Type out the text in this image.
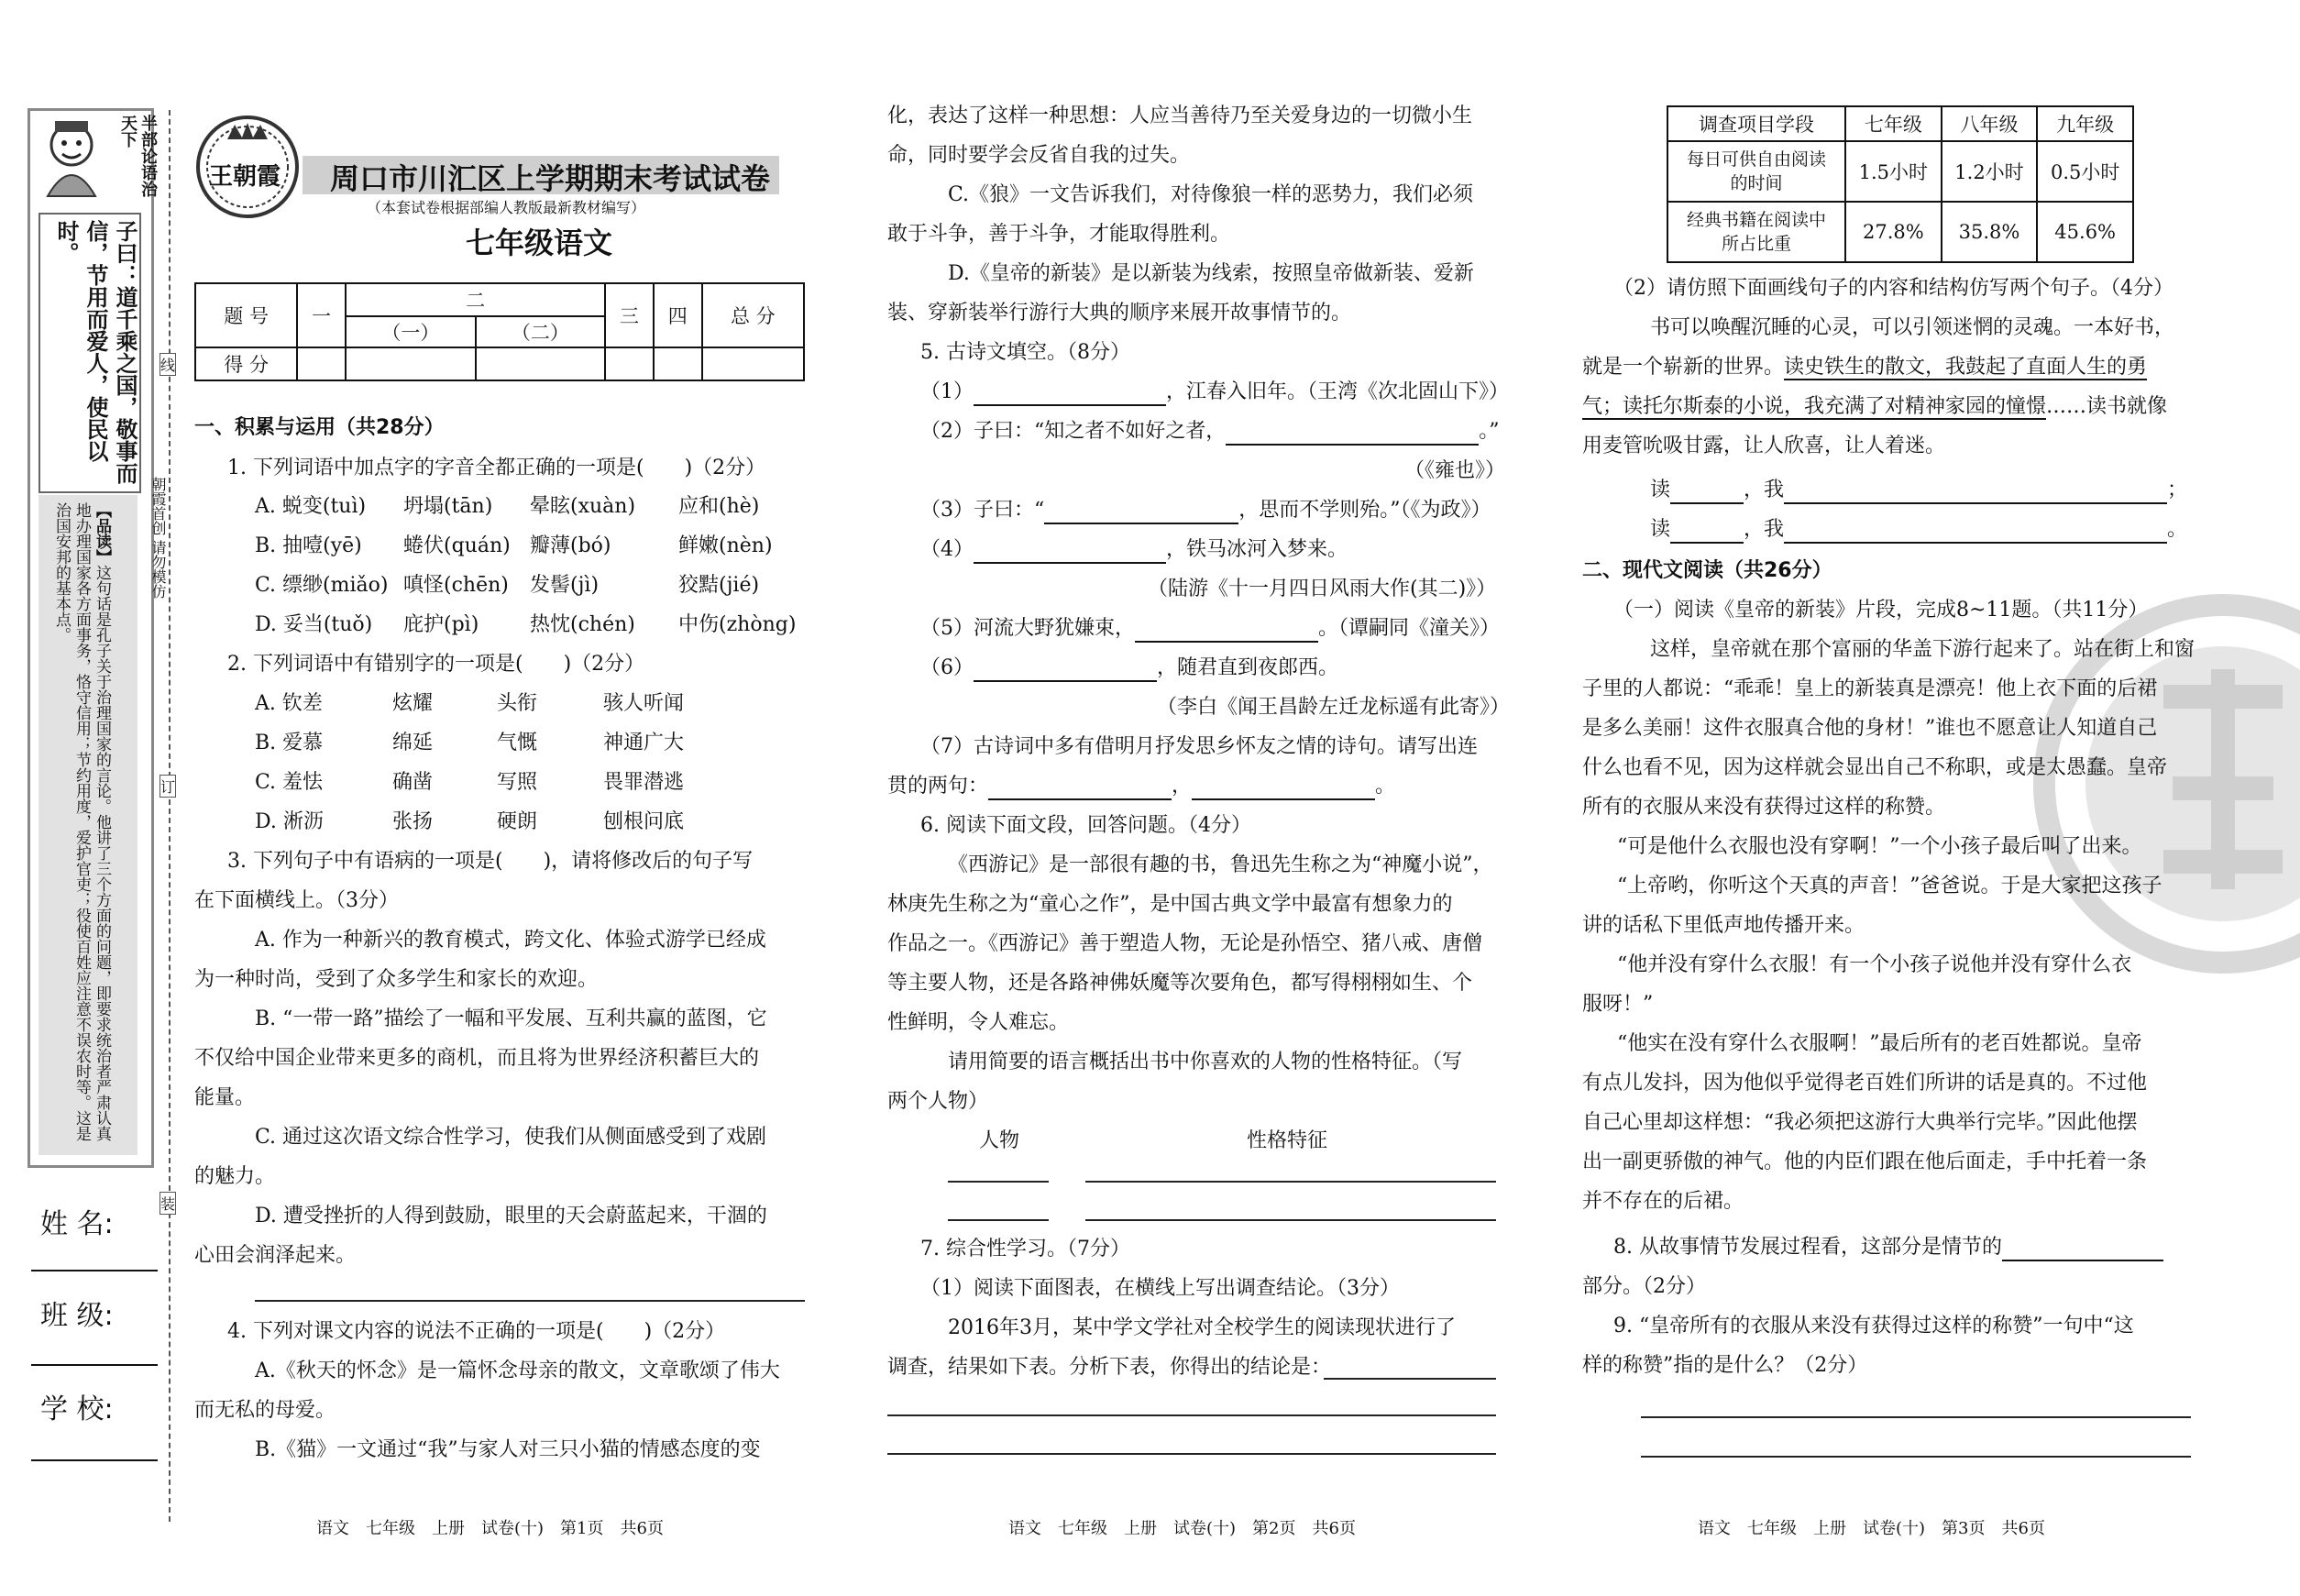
半部论语治天下
子曰：道千乘之国，敬事而信，节用而爱人，使民以时。
【品读】这句话是孔子关于治理国家的言论。他讲了三个方面的问题，即要求统治者严肃认真地办理国家各方面事务，恪守信用；节约用度，爱护官吏；役使百姓应注意不误农时等。这是治国安邦的基本点。	朝霞首创 请勿模仿
线
订
装
姓 名:
班 级:
学 校:
王朝霞 周口市川汇区上学期期末考试试卷
（本套试卷根据部编人教版最新教材编写）
七年级语文
题 号	一	二		三	四	总 分
		（一）	（二）			
得 分						
一、积累与运用（共28分）
1. 下列词语中加点字的字音全都正确的一项是(　　)（2分）
A. 蜕变(tuì) 坍塌(tān) 晕眩(xuàn) 应和(hè)
B. 抽噎(yē) 蜷伏(quán) 瓣薄(bó)	鲜嫩(nèn)
C. 缥缈(miǎo) 嗔怪(chēn) 发髻(jì)	狡黠(jié)
D. 妥当(tuǒ) 庇护(pì)	热忱(chén) 中伤(zhòng)
2. 下列词语中有错别字的一项是(　　)（2分）
A. 钦差	炫耀	头衔	骇人听闻
B. 爱慕	绵延	气慨	神通广大
C. 羞怯	确凿	写照	畏罪潜逃
D. 淅沥	张扬	硬朗	刨根问底
3. 下列句子中有语病的一项是(　　)，请将修改后的句子写
在下面横线上。（3分）
A. 作为一种新兴的教育模式，跨文化、体验式游学已经成
为一种时尚，受到了众多学生和家长的欢迎。
B. “一带一路”描绘了一幅和平发展、互利共赢的蓝图，它
不仅给中国企业带来更多的商机，而且将为世界经济积蓄巨大的
能量。
C. 通过这次语文综合性学习，使我们从侧面感受到了戏剧
的魅力。
D. 遭受挫折的人得到鼓励，眼里的天会蔚蓝起来，干涸的
心田会润泽起来。
4. 下列对课文内容的说法不正确的一项是(　　)（2分）
A.《秋天的怀念》是一篇怀念母亲的散文，文章歌颂了伟大
而无私的母爱。
B.《猫》一文通过“我”与家人对三只小猫的情感态度的变
化，表达了这样一种思想：人应当善待乃至关爱身边的一切微小生
命，同时要学会反省自我的过失。
C.《狼》一文告诉我们，对待像狼一样的恶势力，我们必须
敢于斗争，善于斗争，才能取得胜利。
D.《皇帝的新装》是以新装为线索，按照皇帝做新装、爱新
装、穿新装举行游行大典的顺序来展开故事情节的。
5. 古诗文填空。（8分）
（1）	，江春入旧年。（王湾《次北固山下》）
（2）子曰：“知之者不如好之者，	。”
（《雍也》）
（3）子曰：“	，思而不学则殆。”（《为政》）
（4）	，铁马冰河入梦来。
（陆游《十一月四日风雨大作(其二)》）
（5）河流大野犹嫌束，	。（谭嗣同《潼关》）
（6）	，随君直到夜郎西。
（李白《闻王昌龄左迁龙标遥有此寄》）
（7）古诗词中多有借明月抒发思乡怀友之情的诗句。请写出连
贯的两句：	，	。
6. 阅读下面文段，回答问题。（4分）
《西游记》是一部很有趣的书，鲁迅先生称之为“神魔小说”，
林庚先生称之为“童心之作”，是中国古典文学中最富有想象力的
作品之一。《西游记》善于塑造人物，无论是孙悟空、猪八戒、唐僧
等主要人物，还是各路神佛妖魔等次要角色，都写得栩栩如生、个
性鲜明，令人难忘。
请用简要的语言概括出书中你喜欢的人物的性格特征。（写
两个人物）
人物	性格特征
7. 综合性学习。（7分）
（1）阅读下面图表，在横线上写出调查结论。（3分）
2016年3月，某中学文学社对全校学生的阅读现状进行了
调查，结果如下表。分析下表，你得出的结论是：
调查项目学段	七年级	八年级	九年级
每日可供自由阅读的时间	1.5小时	1.2小时	0.5小时
经典书籍在阅读中所占比重	27.8%	35.8%	45.6%
（2）请仿照下面画线句子的内容和结构仿写两个句子。（4分）
书可以唤醒沉睡的心灵，可以引领迷惘的灵魂。一本好书，
就是一个崭新的世界。读史铁生的散文，我鼓起了直面人生的勇
气；读托尔斯泰的小说，我充满了对精神家园的憧憬……读书就像
用麦管吮吸甘露，让人欣喜，让人着迷。
读	，我	；
读	，我	。
二、现代文阅读（共26分）
（一）阅读《皇帝的新装》片段，完成8~11题。（共11分）
这样，皇帝就在那个富丽的华盖下游行起来了。站在街上和窗
子里的人都说：“乖乖！皇上的新装真是漂亮！他上衣下面的后裙
是多么美丽！这件衣服真合他的身材！”谁也不愿意让人知道自己
什么也看不见，因为这样就会显出自己不称职，或是太愚蠢。皇帝
所有的衣服从来没有获得过这样的称赞。
“可是他什么衣服也没有穿啊！”一个小孩子最后叫了出来。
“上帝哟，你听这个天真的声音！”爸爸说。于是大家把这孩子
讲的话私下里低声地传播开来。
“他并没有穿什么衣服！有一个小孩子说他并没有穿什么衣
服呀！”
“他实在没有穿什么衣服啊！”最后所有的老百姓都说。皇帝
有点儿发抖，因为他似乎觉得老百姓们所讲的话是真的。不过他
自己心里却这样想：“我必须把这游行大典举行完毕。”因此他摆
出一副更骄傲的神气。他的内臣们跟在他后面走，手中托着一条
并不存在的后裙。
8. 从故事情节发展过程看，这部分是情节的
部分。（2分）
9. “皇帝所有的衣服从来没有获得过这样的称赞”一句中“这
样的称赞”指的是什么？（2分）
语文　七年级　上册　试卷(十)　第1页　共6页	语文　七年级　上册　试卷(十)　第2页　共6页	语文　七年级　上册　试卷(十)　第3页　共6页
